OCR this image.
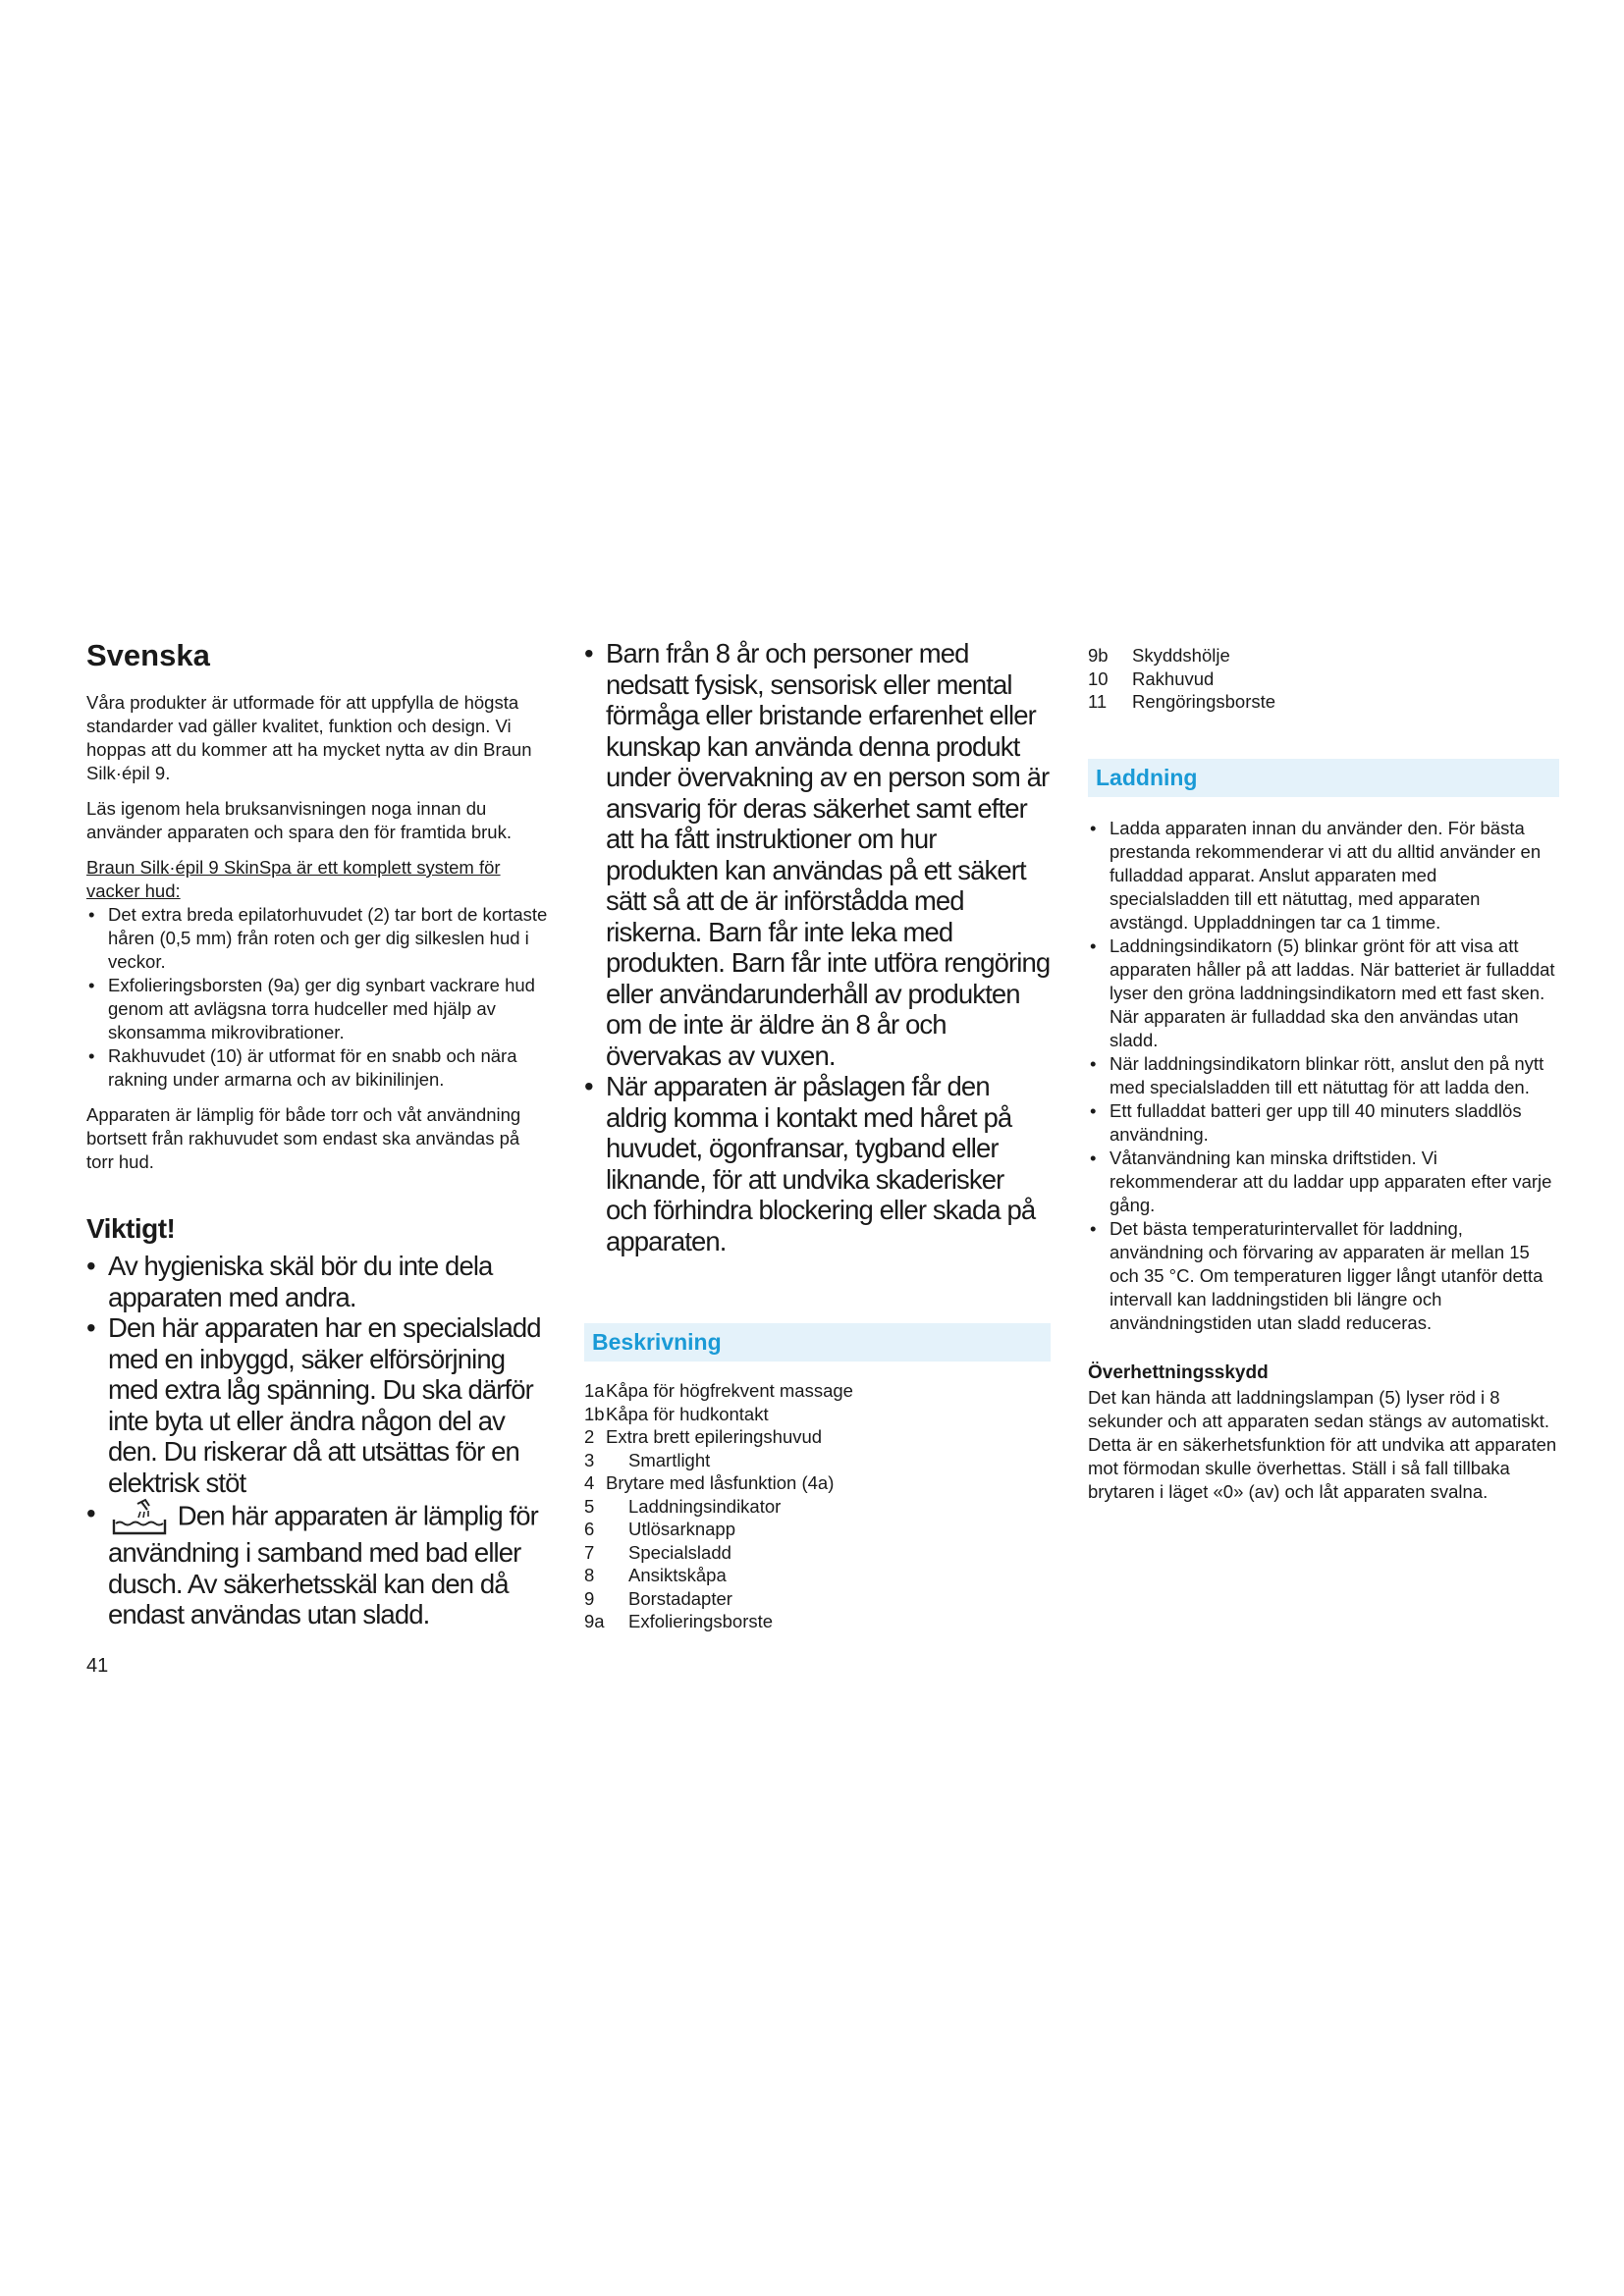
Svenska

Våra produkter är utformade för att uppfylla de högsta standarder vad gäller kvalitet, funktion och design. Vi hoppas att du kommer att ha mycket nytta av din Braun Silk·épil 9.

Läs igenom hela bruksanvisningen noga innan du använder apparaten och spara den för framtida bruk.

Braun Silk·épil 9 SkinSpa är ett komplett system för vacker hud:

• Det extra breda epilatorhuvudet (2) tar bort de kortaste håren (0,5 mm) från roten och ger dig silkeslen hud i veckor.
• Exfolieringsborsten (9a) ger dig synbart vackrare hud genom att avlägsna torra hudceller med hjälp av skonsamma mikrovibrationer.
• Rakhuvudet (10) är utformat för en snabb och nära rakning under armarna och av bikinilinjen.

Apparaten är lämplig för både torr och våt användning bortsett från rakhuvudet som endast ska användas på torr hud.

Viktigt!
• Av hygieniska skäl bör du inte dela apparaten med andra.
• Den här apparaten har en specialsladd med en inbyggd, säker elförsörjning med extra låg spänning. Du ska därför inte byta ut eller ändra någon del av den. Du riskerar då att utsättas för en elektrisk stöt
• Den här apparaten är lämplig för användning i samband med bad eller dusch. Av säkerhetsskäl kan den då endast användas utan sladd.
41
• Barn från 8 år och personer med nedsatt fysisk, sensorisk eller mental förmåga eller bristande erfarenhet eller kunskap kan använda denna produkt under övervakning av en person som är ansvarig för deras säkerhet samt efter att ha fått instruktioner om hur produkten kan användas på ett säkert sätt så att de är införstådda med riskerna. Barn får inte leka med produkten. Barn får inte utföra rengöring eller användarunderhåll av produkten om de inte är äldre än 8 år och övervakas av vuxen.
• När apparaten är påslagen får den aldrig komma i kontakt med håret på huvudet, ögonfransar, tygband eller liknande, för att undvika skaderisker och förhindra blockering eller skada på apparaten.
Beskrivning
1a Kåpa för högfrekvent massage
1b Kåpa för hudkontakt
2 Extra brett epileringshuvud
3	Smartlight
4 Brytare med låsfunktion (4a)
5	Laddningsindikator
6	Utlösarknapp
7	Specialsladd
8	Ansiktskåpa
9	Borstadapter
9a	Exfolieringsborste
9b	Skyddshölje
10	Rakhuvud
11	Rengöringsborste
Laddning
• Ladda apparaten innan du använder den. För bästa prestanda rekommenderar vi att du alltid använder en fulladdad apparat. Anslut apparaten med specialsladden till ett nätuttag, med apparaten avstängd. Uppladdningen tar ca 1 timme.
• Laddningsindikatorn (5) blinkar grönt för att visa att apparaten håller på att laddas. När batteriet är fulladdat lyser den gröna laddningsindikatorn med ett fast sken. När apparaten är fulladdad ska den användas utan sladd.
• När laddningsindikatorn blinkar rött, anslut den på nytt med specialsladden till ett nätuttag för att ladda den.
• Ett fulladdat batteri ger upp till 40 minuters sladdlös användning.
• Våtanvändning kan minska driftstiden. Vi rekommenderar att du laddar upp apparaten efter varje gång.
• Det bästa temperaturintervallet för laddning, användning och förvaring av apparaten är mellan 15 och 35 °C. Om temperaturen ligger långt utanför detta intervall kan laddningstiden bli längre och användningstiden utan sladd reduceras.
Överhettningsskydd

Det kan hända att laddningslampan (5) lyser röd i 8 sekunder och att apparaten sedan stängs av automatiskt. Detta är en säkerhetsfunktion för att undvika att apparaten mot förmodan skulle överhettas. Ställ i så fall tillbaka brytaren i läget «0» (av) och låt apparaten svalna.
